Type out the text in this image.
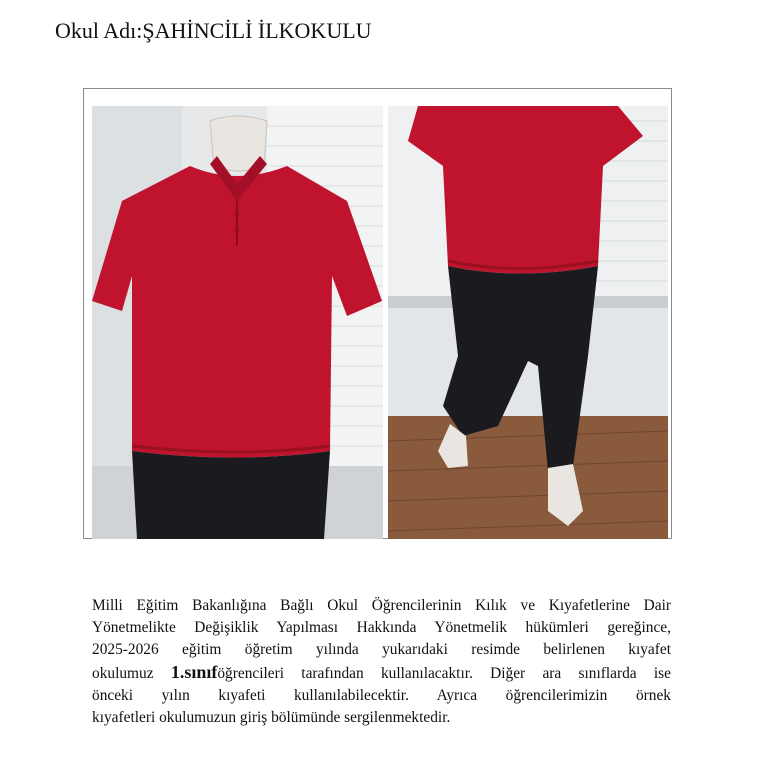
Okul Adı:ŞAHİNCİLİ İLKOKULU
Milli Eğitim Bakanlığına Bağlı Okul Öğrencilerinin Kılık ve Kıyafetlerine Dair
Yönetmelikte Değişiklik Yapılması Hakkında Yönetmelik hükümleri gereğince,
2025-2026 eğitim öğretim yılında yukarıdaki resimde belirlenen kıyafet
okulumuz 1.sınıföğrencileri tarafından kullanılacaktır. Diğer ara sınıflarda ise
önceki yılın kıyafeti kullanılabilecektir. Ayrıca öğrencilerimizin örnek
kıyafetleri okulumuzun giriş bölümünde sergilenmektedir.
